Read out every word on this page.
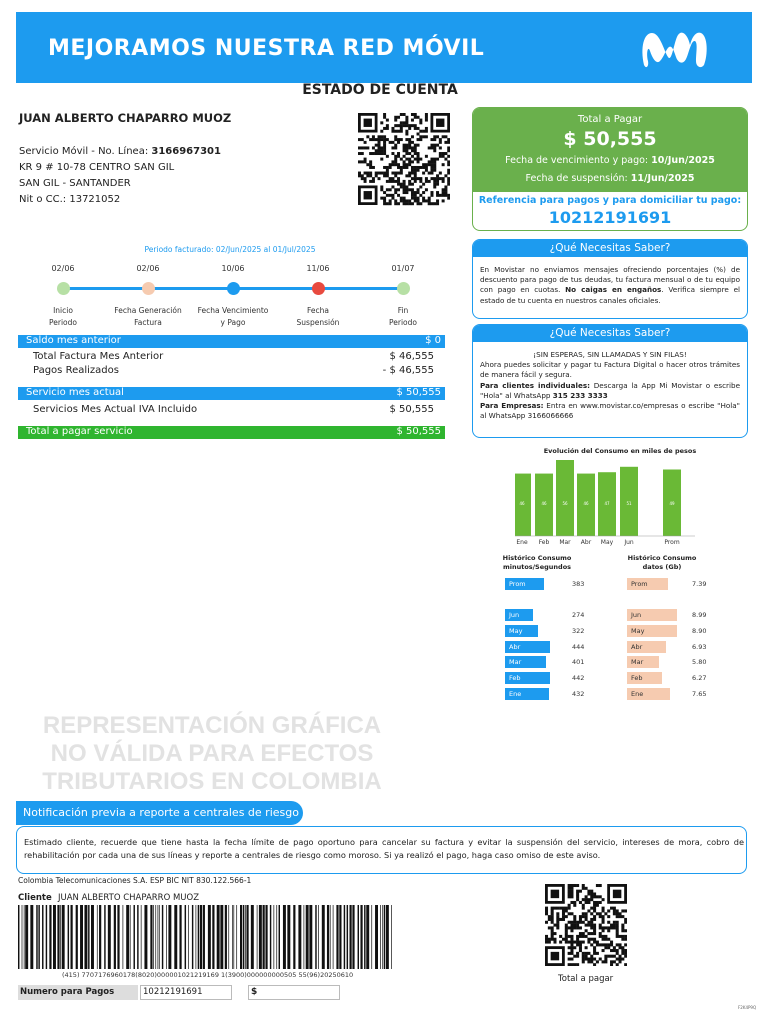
MEJORAMOS NUESTRA RED MÓVIL
ESTADO DE CUENTA
JUAN ALBERTO CHAPARRO MUOZ
Servicio Móvil - No. Línea: 3166967301
KR 9 # 10-78 CENTRO SAN GIL
SAN GIL - SANTANDER
Nit o CC.: 13721052
Total a Pagar
$ 50,555
Fecha de vencimiento y pago: 10/Jun/2025
Fecha de suspensión: 11/Jun/2025
Referencia para pagos y para domiciliar tu pago:
10212191691
Periodo facturado: 02/Jun/2025 al 01/Jul/2025
02/06
Inicio
Periodo
02/06
Fecha Generación
Factura
10/06
Fecha Vencimiento
y Pago
11/06
Fecha
Suspensión
01/07
Fin
Periodo
Saldo mes anterior	$ 0
Total Factura Mes Anterior	$ 46,555
Pagos Realizados	- $ 46,555
Servicio mes actual	$ 50,555
Servicios Mes Actual IVA Incluido	$ 50,555
Total a pagar servicio	$ 50,555
¿Qué Necesitas Saber?
En Movistar no enviamos mensajes ofreciendo porcentajes (%) de descuento para pago de tus deudas, tu factura mensual o de tu equipo con pago en cuotas. No caigas en engaños. Verifica siempre el estado de tu cuenta en nuestros canales oficiales.
¿Qué Necesitas Saber?
¡SIN ESPERAS, SIN LLAMADAS Y SIN FILAS!
Ahora puedes solicitar y pagar tu Factura Digital o hacer otros trámites de manera fácil y segura.
Para clientes individuales: Descarga la App Mi Movistar o escribe "Hola" al WhatsApp 315 233 3333
Para Empresas: Entra en www.movistar.co/empresas o escribe "Hola" al WhatsApp 3166066666
Evolución del Consumo en miles de pesos
46
Ene
46
Feb
56
Mar
46
Abr
47
May
51
Jun
49
Prom
Histórico Consumo minutos/Segundos
Histórico Consumo datos (Gb)
Prom	383
Jun	274
May	322
Abr	444
Mar	401
Feb	442
Ene	432
Prom	7.39
Jun	8.99
May	8.90
Abr	6.93
Mar	5.80
Feb	6.27
Ene	7.65
REPRESENTACIÓN GRÁFICA
NO VÁLIDA PARA EFECTOS
TRIBUTARIOS EN COLOMBIA
Notificación previa a reporte a centrales de riesgo
Estimado cliente, recuerde que tiene hasta la fecha límite de pago oportuno para cancelar su factura y evitar la suspensión del servicio, intereses de mora, cobro de rehabilitación por cada una de sus líneas y reporte a centrales de riesgo como moroso. Si ya realizó el pago, haga caso omiso de este aviso.
Colombia Telecomunicaciones S.A. ESP BIC NIT 830.122.566-1
Cliente JUAN ALBERTO CHAPARRO MUOZ
(415) 7707176960178(8020)000001021219169 1(3900)000000000505 55(96)20250610
Numero para Pagos	10212191691	$
Total a pagar
F2K4P9Q
